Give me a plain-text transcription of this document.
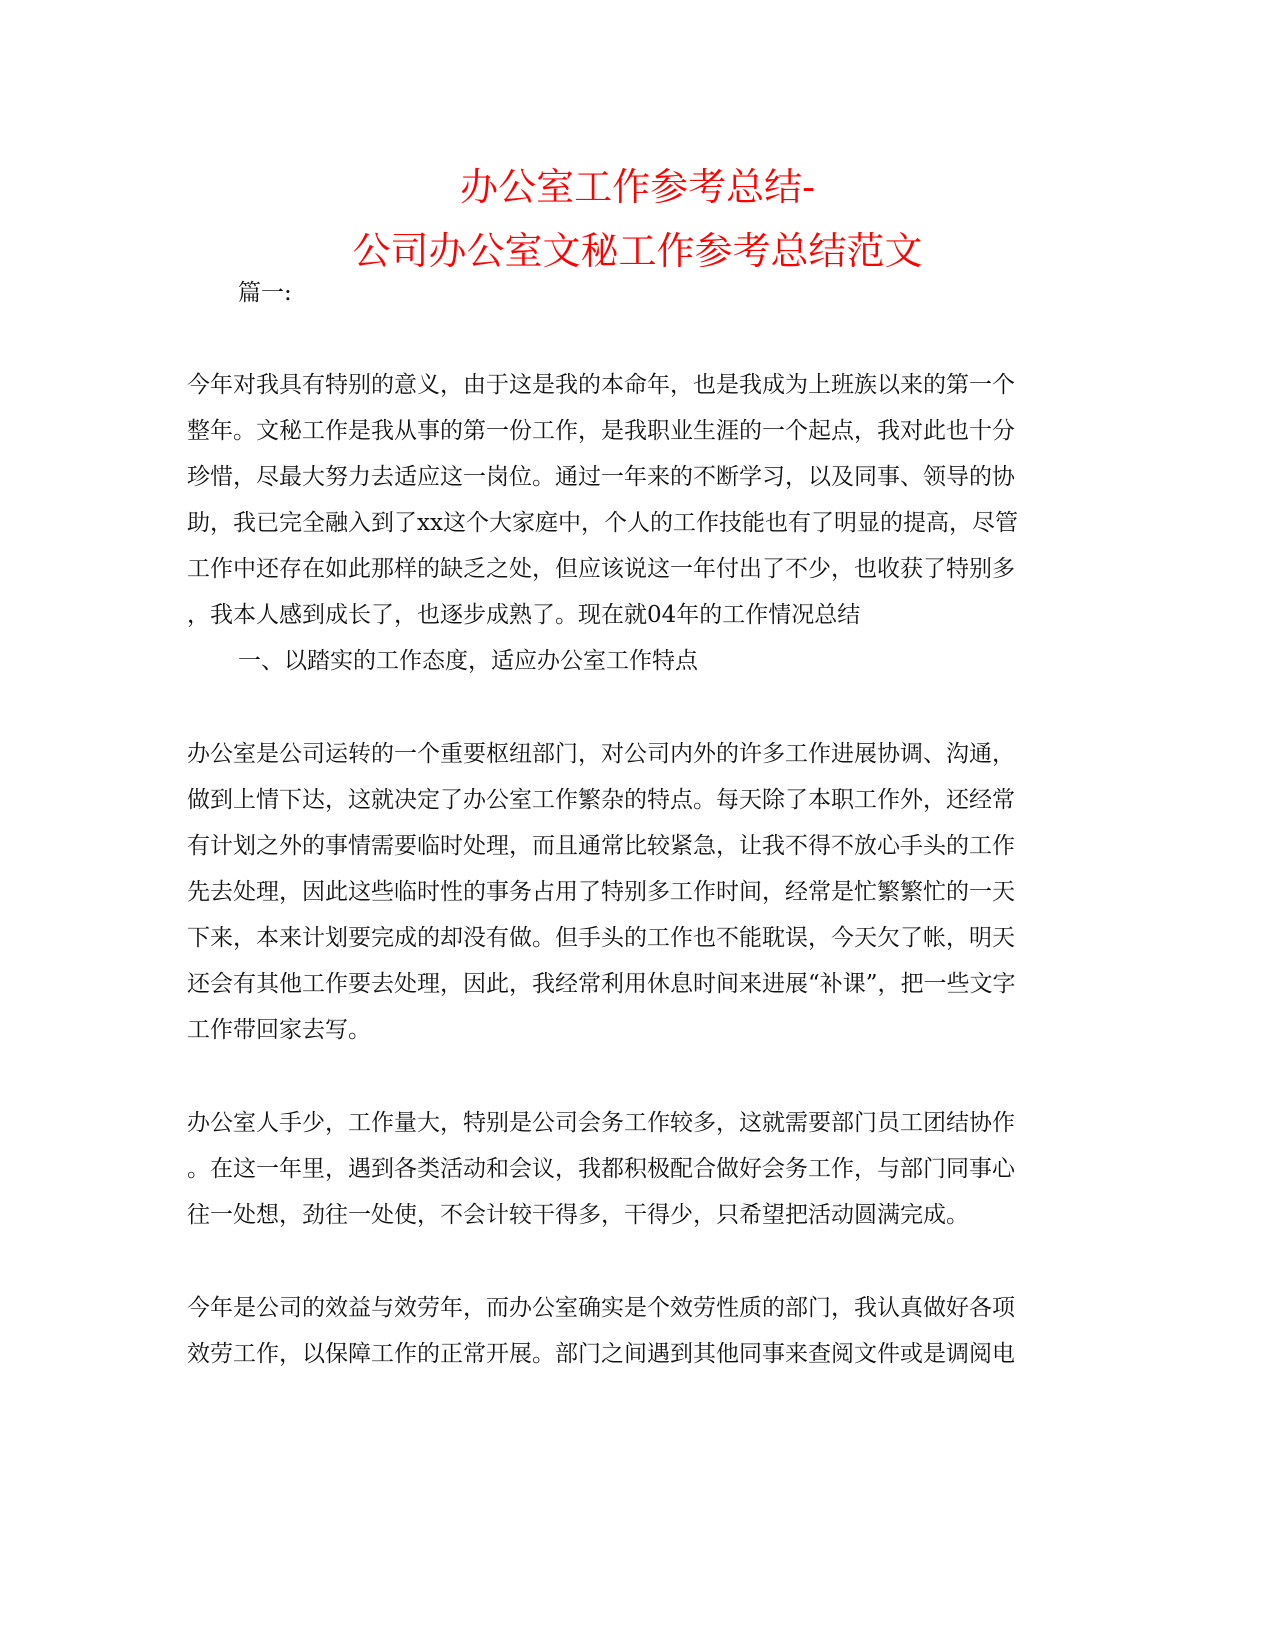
办公室工作参考总结-
公司办公室文秘工作参考总结范文
篇一:
今年对我具有特别的意义，由于这是我的本命年，也是我成为上班族以来的第一个
整年。文秘工作是我从事的第一份工作，是我职业生涯的一个起点，我对此也十分
珍惜，尽最大努力去适应这一岗位。通过一年来的不断学习，以及同事、领导的协
助，我已完全融入到了xx这个大家庭中，个人的工作技能也有了明显的提高，尽管
工作中还存在如此那样的缺乏之处，但应该说这一年付出了不少，也收获了特别多
，我本人感到成长了，也逐步成熟了。现在就04年的工作情况总结
一、以踏实的工作态度，适应办公室工作特点
办公室是公司运转的一个重要枢纽部门，对公司内外的许多工作进展协调、沟通，
做到上情下达，这就决定了办公室工作繁杂的特点。每天除了本职工作外，还经常
有计划之外的事情需要临时处理，而且通常比较紧急，让我不得不放心手头的工作
先去处理，因此这些临时性的事务占用了特别多工作时间，经常是忙繁繁忙的一天
下来，本来计划要完成的却没有做。但手头的工作也不能耽误，今天欠了帐，明天
还会有其他工作要去处理，因此，我经常利用休息时间来进展“补课”，把一些文字
工作带回家去写。
办公室人手少，工作量大，特别是公司会务工作较多，这就需要部门员工团结协作
。在这一年里，遇到各类活动和会议，我都积极配合做好会务工作，与部门同事心
往一处想，劲往一处使，不会计较干得多，干得少，只希望把活动圆满完成。
今年是公司的效益与效劳年，而办公室确实是个效劳性质的部门，我认真做好各项
效劳工作，以保障工作的正常开展。部门之间遇到其他同事来查阅文件或是调阅电
